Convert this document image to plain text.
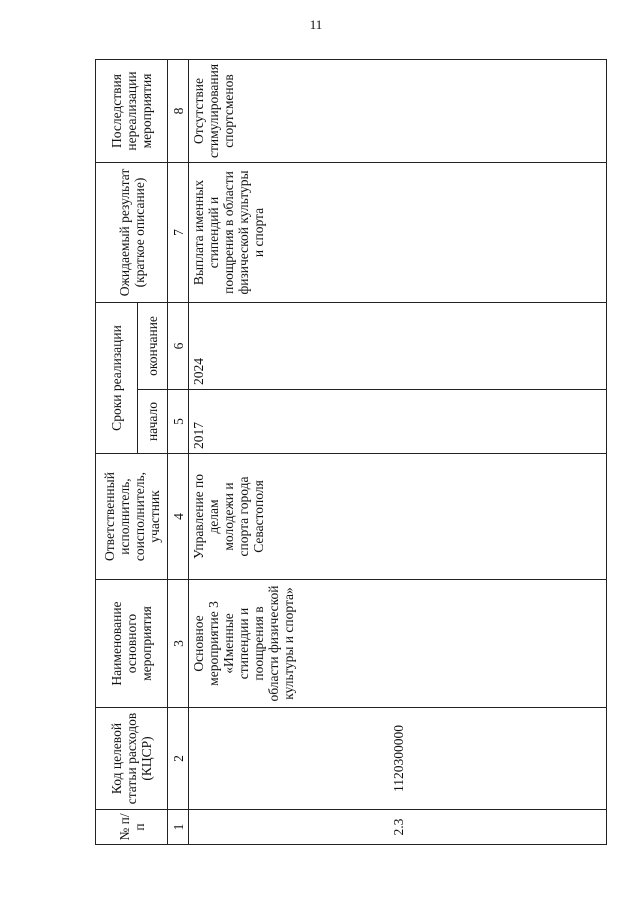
11
№ п/п	Код целевой статьи расходов (КЦСР)	Наименование основного мероприятия	Ответственный исполнитель, соисполнитель, участник	Сроки реализации		Ожидаемый результат (краткое описание)	Последствия нереализации мероприятия
				начало	окончание		
1	2	3	4	5	6	7	8
2.3	1120300000	Основное мероприятие 3 «Именные стипендии и поощрения в области физической культуры и спорта»	Управление по делам молодежи и спорта города Севастополя	2017	2024	Выплата именных стипендий и поощрения в области физической культуры и спорта	Отсутствие стимулирования спортсменов
